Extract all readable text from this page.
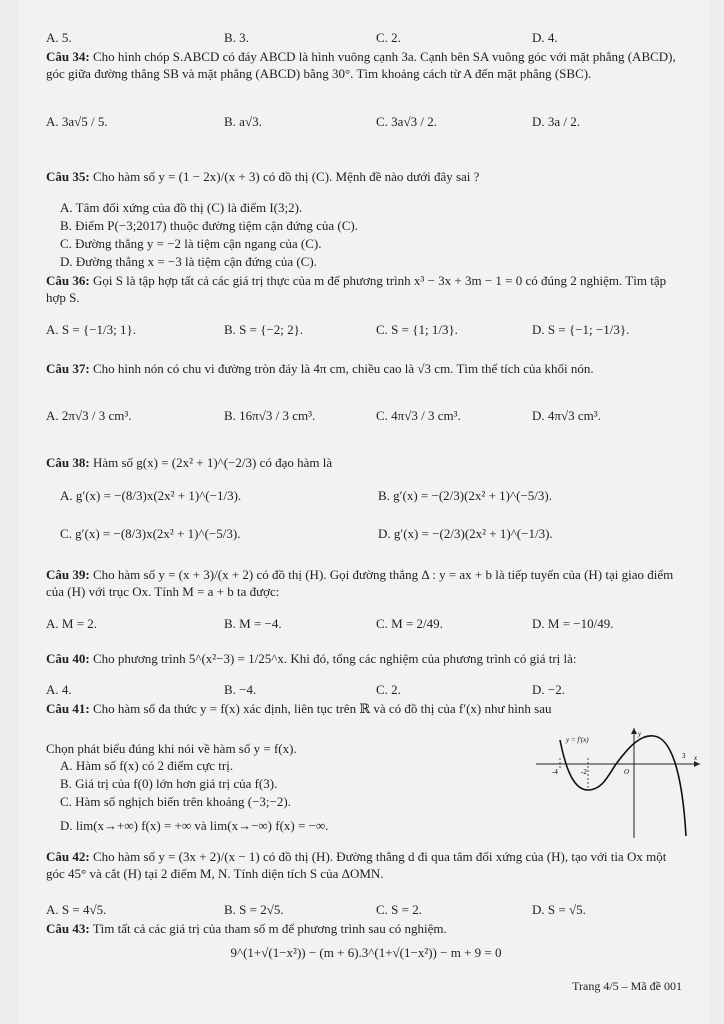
A. 5.	B. 3.	C. 2.	D. 4.
Câu 34: Cho hình chóp S.ABCD có đáy ABCD là hình vuông cạnh 3a. Cạnh bên SA vuông góc với mặt phẳng (ABCD), góc giữa đường thẳng SB và mặt phẳng (ABCD) bằng 30°. Tìm khoảng cách từ A đến mặt phẳng (SBC).
A. 3a√5 / 5.	B. a√3.	C. 3a√3 / 2.	D. 3a / 2.
Câu 35: Cho hàm số y = (1 − 2x)/(x + 3) có đồ thị (C). Mệnh đề nào dưới đây sai ?
A. Tâm đối xứng của đồ thị (C) là điểm I(3;2).
B. Điểm P(−3;2017) thuộc đường tiệm cận đứng của (C).
C. Đường thẳng y = −2 là tiệm cận ngang của (C).
D. Đường thẳng x = −3 là tiệm cận đứng của (C).
Câu 36: Gọi S là tập hợp tất cả các giá trị thực của m để phương trình x³ − 3x + 3m − 1 = 0 có đúng 2 nghiệm. Tìm tập hợp S.
A. S = {−1/3; 1}.	B. S = {−2; 2}.	C. S = {1; 1/3}.	D. S = {−1; −1/3}.
Câu 37: Cho hình nón có chu vi đường tròn đáy là 4π cm, chiều cao là √3 cm. Tìm thể tích của khối nón.
A. 2π√3 / 3 cm³.	B. 16π√3 / 3 cm³.	C. 4π√3 / 3 cm³.	D. 4π√3 cm³.
Câu 38: Hàm số g(x) = (2x² + 1)^(−2/3) có đạo hàm là
A. g′(x) = −(8/3)x(2x² + 1)^(−1/3).	B. g′(x) = −(2/3)(2x² + 1)^(−5/3).
C. g′(x) = −(8/3)x(2x² + 1)^(−5/3).	D. g′(x) = −(2/3)(2x² + 1)^(−1/3).
Câu 39: Cho hàm số y = (x + 3)/(x + 2) có đồ thị (H). Gọi đường thẳng Δ : y = ax + b là tiếp tuyến của (H) tại giao điểm của (H) với trục Ox. Tính M = a + b ta được:
A. M = 2.	B. M = −4.	C. M = 2/49.	D. M = −10/49.
Câu 40: Cho phương trình 5^(x²−3) = 1/25^x. Khi đó, tổng các nghiệm của phương trình có giá trị là:
A. 4.	B. −4.	C. 2.	D. −2.
Câu 41: Cho hàm số đa thức y = f(x) xác định, liên tục trên ℝ và có đồ thị của f′(x) như hình sau
Chọn phát biểu đúng khi nói về hàm số y = f(x).
A. Hàm số f(x) có 2 điểm cực trị.
B. Giá trị của f(0) lớn hơn giá trị của f(3).
C. Hàm số nghịch biến trên khoảng (−3;−2).
D. lim(x→+∞) f(x) = +∞ và lim(x→−∞) f(x) = −∞.
y = f′(x)
-4	-2	O
3 x
y
Câu 42: Cho hàm số y = (3x + 2)/(x − 1) có đồ thị (H). Đường thẳng d đi qua tâm đối xứng của (H), tạo với tia Ox một góc 45° và cắt (H) tại 2 điểm M, N. Tính diện tích S của ΔOMN.
A. S = 4√5.	B. S = 2√5.	C. S = 2.	D. S = √5.
Câu 43: Tìm tất cả các giá trị của tham số m để phương trình sau có nghiệm.
9^(1+√(1−x²)) − (m + 6).3^(1+√(1−x²)) − m + 9 = 0
Trang 4/5 – Mã đề 001
